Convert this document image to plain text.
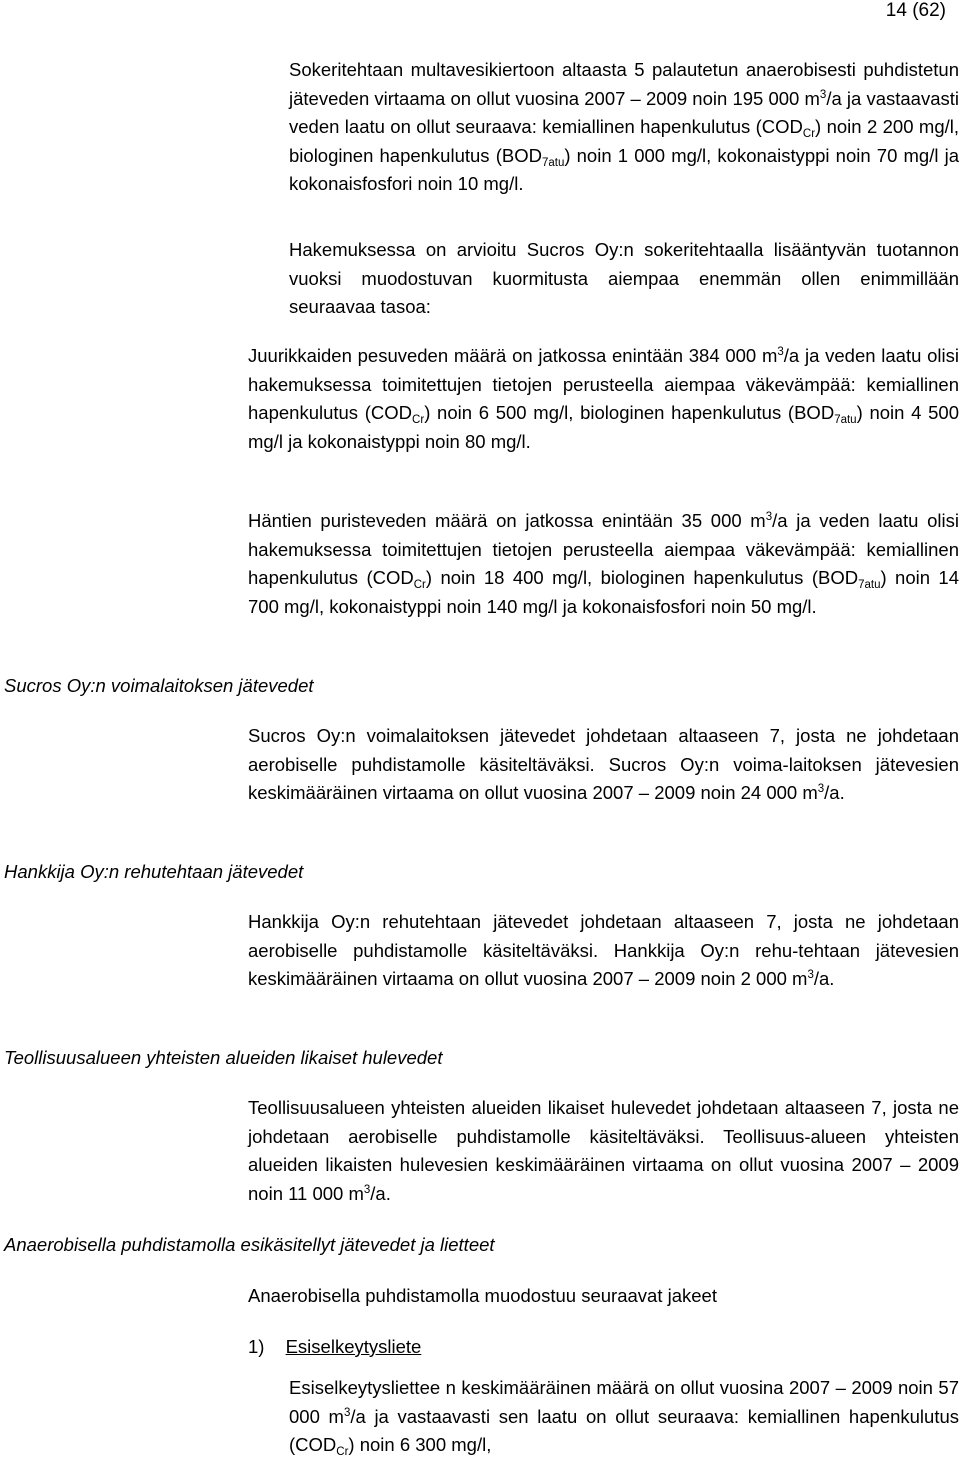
14 (62)

Sokeritehtaan multavesikiertoon altaasta 5 palautetun anaerobisesti puhdistetun jäteveden virtaama on ollut vuosina 2007 – 2009 noin 195 000 $m^3/a$ ja vastaavasti veden laatu on ollut seuraava: kemiallinen hapenkulutus $(COD_{Cr})$ noin 2 200 mg/l, biologinen hapenkulutus $(BOD_{7atu})$ noin 1 000 mg/l, kokonaistyppi noin 70 mg/l ja kokonaisfosfori noin 10 mg/l.

Hakemuksessa on arvioitu Sucros Oy:n sokeritehtaalla lisääntyvän tuotannon vuoksi muodostuvan kuormitusta aiempaa enemmän ollen enimmillään seuraavaa tasoa:

Juurikkaiden pesuveden määrä on jatkossa enintään 384 000 $m^3/a$ ja veden laatu olisi hakemuksessa toimitettujen tietojen perusteella aiempaa väkevämpää: kemiallinen hapenkulutus $(COD_{Cr})$ noin 6 500 mg/l, biologinen hapenkulutus $(BOD_{7atu})$ noin 4 500 mg/l ja kokonaistyppi noin 80 mg/l.

Häntien puristeveden määrä on jatkossa enintään 35 000 $m^3/a$ ja veden laatu olisi hakemuksessa toimitettujen tietojen perusteella aiempaa väkevämpää: kemiallinen hapenkulutus $(COD_{Cr})$ noin 18 400 mg/l, biologinen hapenkulutus $(BOD_{7atu})$ noin 14 700 mg/l, kokonaistyppi noin 140 mg/l ja kokonaisfosfori noin 50 mg/l.

Sucros Oy:n voimalaitoksen jätevedet

Sucros Oy:n voimalaitoksen jätevedet johdetaan altaaseen 7, josta ne johdetaan aerobiselle puhdistamolle käsiteltäväksi. Sucros Oy:n voima-laitoksen jätevesien keskimääräinen virtaama on ollut vuosina 2007 – 2009 noin 24 000 $m^3/a$.

Hankkija Oy:n rehutehtaan jätevedet

Hankkija Oy:n rehutehtaan jätevedet johdetaan altaaseen 7, josta ne johdetaan aerobiselle puhdistamolle käsiteltäväksi. Hankkija Oy:n rehu-tehtaan jätevesien keskimääräinen virtaama on ollut vuosina 2007 – 2009 noin 2 000 $m^3/a$.

Teollisuusalueen yhteisten alueiden likaiset hulevedet

Teollisuusalueen yhteisten alueiden likaiset hulevedet johdetaan altaaseen 7, josta ne johdetaan aerobiselle puhdistamolle käsiteltäväksi. Teollisuus-alueen yhteisten alueiden likaisten hulevesien keskimääräinen virtaama on ollut vuosina 2007 – 2009 noin 11 000 $m^3/a$.

Anaerobisella puhdistamolla esikäsitellyt jätevedet ja lietteet
Anaerobisella puhdistamolla muodostuu seuraavat jakeet
1) Esiselkeytysliete

Esiselkeytysliettee n keskimääräinen määrä on ollut vuosina 2007 – 2009 noin 57 000 $m^3/a$ ja vastaavasti sen laatu on ollut seuraava: kemiallinen hapenkulutus $(COD_{Cr})$ noin 6 300 mg/l,
